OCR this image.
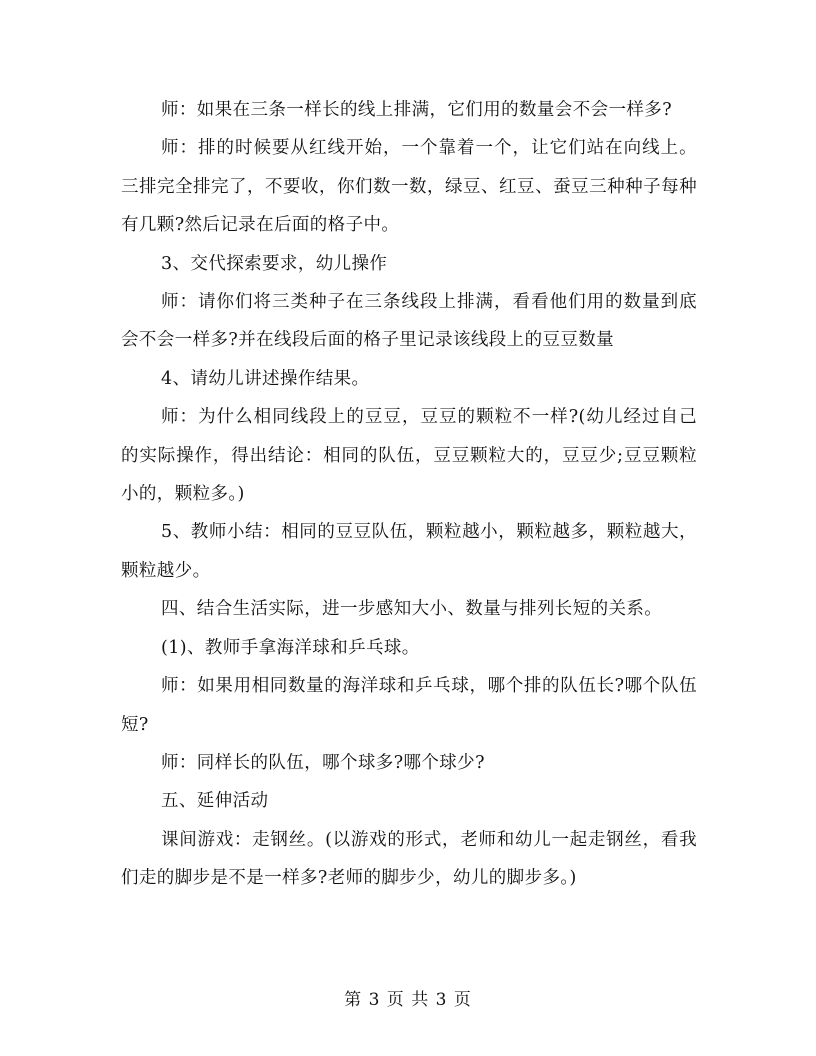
师：如果在三条一样长的线上排满，它们用的数量会不会一样多?

师：排的时候要从红线开始，一个靠着一个，让它们站在向线上。三排完全排完了，不要收，你们数一数，绿豆、红豆、蚕豆三种种子每种有几颗?然后记录在后面的格子中。

3、交代探索要求，幼儿操作

师：请你们将三类种子在三条线段上排满，看看他们用的数量到底会不会一样多?并在线段后面的格子里记录该线段上的豆豆数量

4、请幼儿讲述操作结果。

师：为什么相同线段上的豆豆，豆豆的颗粒不一样?(幼儿经过自己的实际操作，得出结论：相同的队伍，豆豆颗粒大的，豆豆少;豆豆颗粒小的，颗粒多。)

5、教师小结：相同的豆豆队伍，颗粒越小，颗粒越多，颗粒越大，颗粒越少。

四、结合生活实际，进一步感知大小、数量与排列长短的关系。

(1)、教师手拿海洋球和乒乓球。

师：如果用相同数量的海洋球和乒乓球，哪个排的队伍长?哪个队伍短?

师：同样长的队伍，哪个球多?哪个球少?

五、延伸活动

课间游戏：走钢丝。(以游戏的形式，老师和幼儿一起走钢丝，看我们走的脚步是不是一样多?老师的脚步少，幼儿的脚步多。)

第 3 页 共 3 页
